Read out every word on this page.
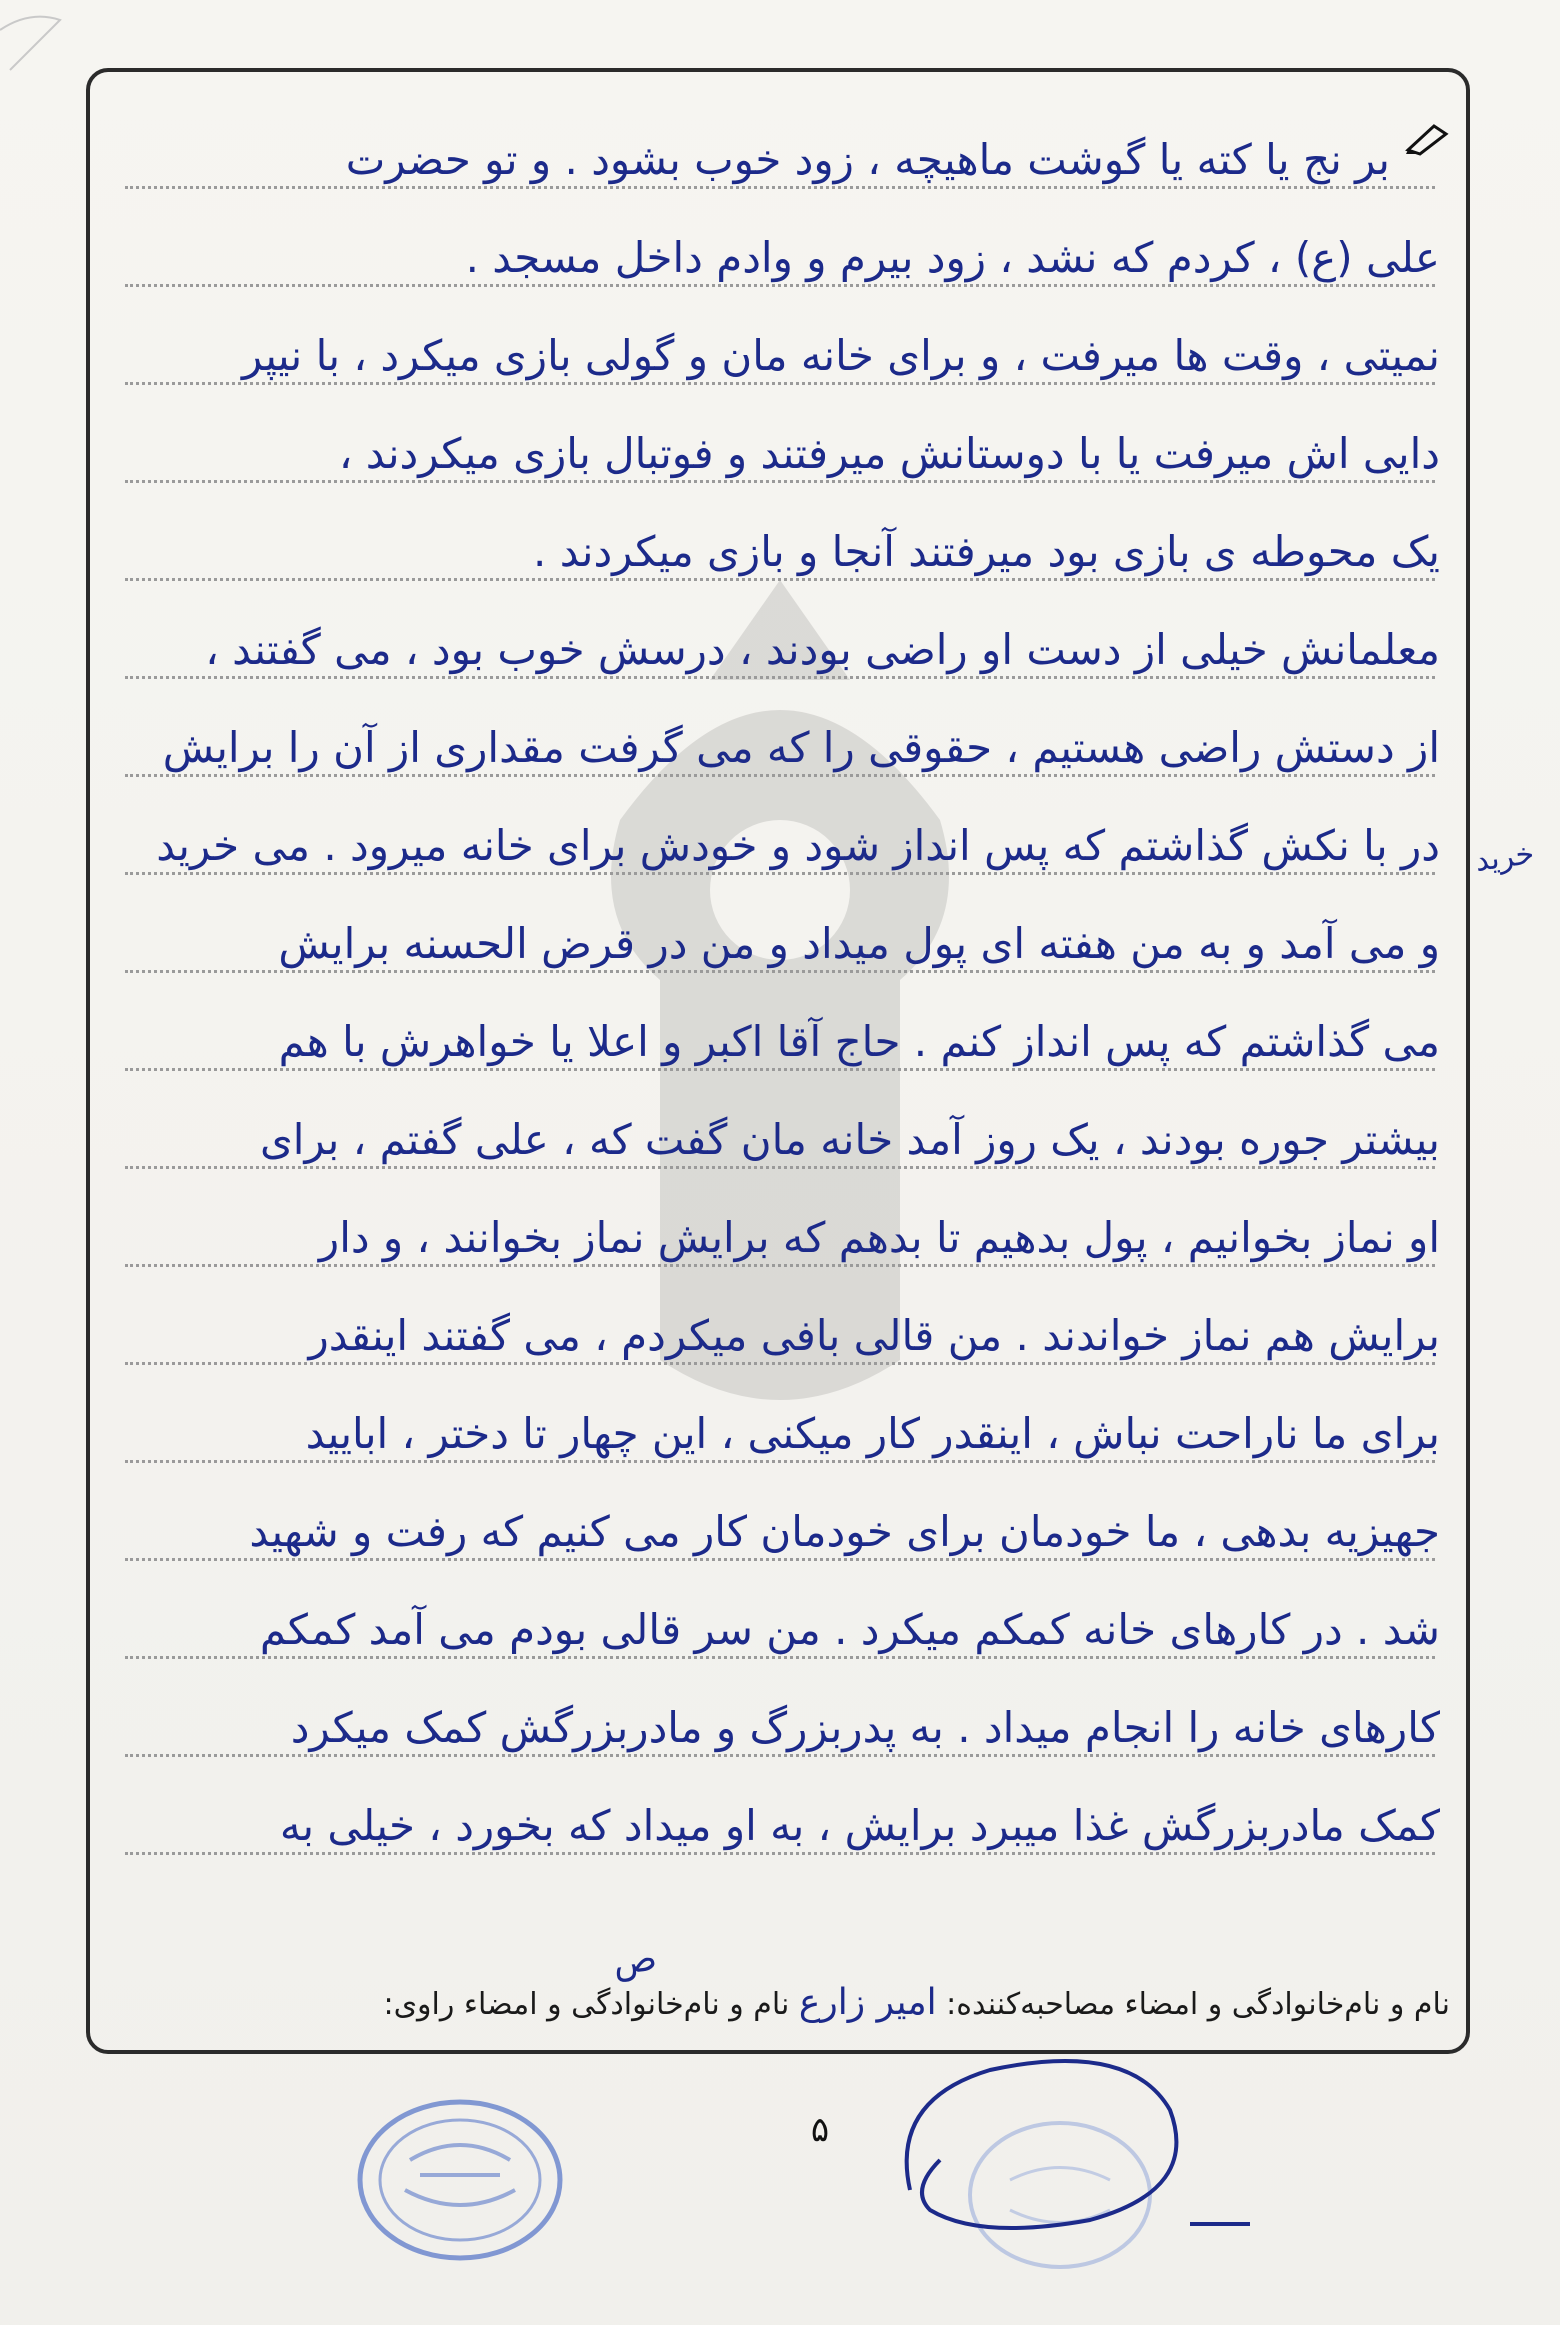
بر نج یا کته یا گوشت ماهیچه ، زود خوب بشود . و تو حضرت
علی (ع) ، کردم که نشد ، زود بیرم و وادم داخل مسجد .
نمیتی ، وقت ها میرفت ، و برای خانه مان و گولی بازی میکرد ، با نیپر
دایی اش میرفت یا با دوستانش میرفتند و فوتبال بازی میکردند ،
یک محوطه ی بازی بود میرفتند آنجا و بازی میکردند .
معلمانش خیلی از دست او راضی بودند ، درسش خوب بود ، می گفتند ،
از دستش راضی هستیم ، حقوقی را که می گرفت مقداری از آن را برایش
در با نکش گذاشتم که پس انداز شود و خودش برای خانه میرود . می خرید
و می آمد و به من هفته ای پول میداد و من در قرض الحسنه برایش
می گذاشتم که پس انداز کنم . حاج آقا اکبر و اعلا یا خواهرش با هم
بیشتر جوره بودند ، یک روز آمد خانه مان گفت که ، علی گفتم ، برای
او نماز بخوانیم ، پول بدهیم تا بدهم که برایش نماز بخوانند ، و دار
برایش هم نماز خواندند . من قالی بافی میکردم ، می گفتند اینقدر
برای ما ناراحت نباش ، اینقدر کار میکنی ، این چهار تا دختر ، ابایید
جهیزیه بدهی ، ما خودمان برای خودمان کار می کنیم که رفت و شهید
شد . در کارهای خانه کمکم میکرد . من سر قالی بودم می آمد کمکم
کارهای خانه را انجام میداد . به پدربزرگ و مادربزرگش کمک میکرد
کمک مادربزرگش غذا میبرد برایش ، به او میداد که بخورد ، خیلی به
خرید
نام و نام‌خانوادگی و امضاء مصاحبه‌کننده: امیر زارع نام و نام‌خانوادگی و امضاء راوی:
ص
۵
